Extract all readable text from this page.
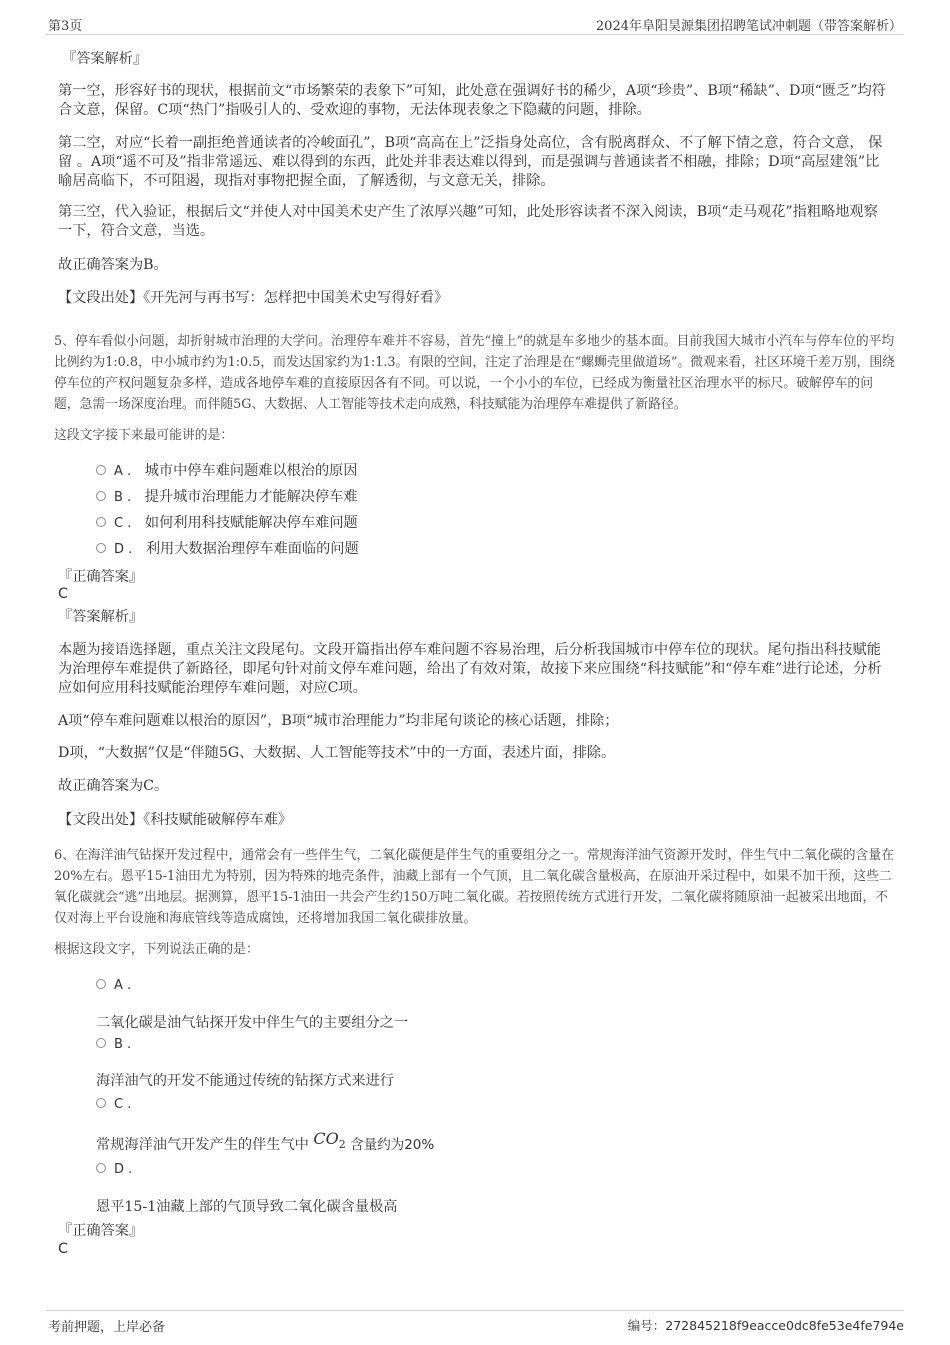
第3页	2024年阜阳昊源集团招聘笔试冲刺题（带答案解析）
『答案解析』
第一空，形容好书的现状，根据前文“市场繁荣的表象下”可知，此处意在强调好书的稀少，A项“珍贵”、B项“稀缺”、D项“匮乏”均符合文意，保留。C项“热门”指吸引人的、受欢迎的事物，无法体现表象之下隐藏的问题，排除。
第二空，对应“长着一副拒绝普通读者的冷峻面孔”，B项“高高在上”泛指身处高位，含有脱离群众、不了解下情之意，符合文意， 保留 。A项“遥不可及”指非常遥远、难以得到的东西，此处并非表达难以得到，而是强调与普通读者不相融，排除；D项“高屋建瓴”比喻居高临下，不可阻遏，现指对事物把握全面，了解透彻，与文意无关，排除。
第三空，代入验证，根据后文“并使人对中国美术史产生了浓厚兴趣”可知，此处形容读者不深入阅读，B项“走马观花”指粗略地观察一下，符合文意，当选。
故正确答案为B。
【文段出处】《开先河与再书写：怎样把中国美术史写得好看》
5、停车看似小问题，却折射城市治理的大学问。治理停车难并不容易，首先“撞上”的就是车多地少的基本面。目前我国大城市小汽车与停车位的平均比例约为1:0.8，中小城市约为1:0.5，而发达国家约为1:1.3。有限的空间，注定了治理是在“螺蛳壳里做道场”。微观来看，社区环境千差万别，围绕停车位的产权问题复杂多样，造成各地停车难的直接原因各有不同。可以说，一个小小的车位，已经成为衡量社区治理水平的标尺。破解停车的问题，急需一场深度治理。而伴随5G、大数据、人工智能等技术走向成熟，科技赋能为治理停车难提供了新路径。
这段文字接下来最可能讲的是：
A . 城市中停车难问题难以根治的原因
B . 提升城市治理能力才能解决停车难
C . 如何利用科技赋能解决停车难问题
D . 利用大数据治理停车难面临的问题
『正确答案』
C
『答案解析』
本题为接语选择题，重点关注文段尾句。文段开篇指出停车难问题不容易治理，后分析我国城市中停车位的现状。尾句指出科技赋能为治理停车难提供了新路径，即尾句针对前文停车难问题，给出了有效对策，故接下来应围绕“科技赋能”和“停车难”进行论述，分析应如何应用科技赋能治理停车难问题，对应C项。
A项“停车难问题难以根治的原因”，B项“城市治理能力”均非尾句谈论的核心话题，排除；
D项，“大数据”仅是“伴随5G、大数据、人工智能等技术”中的一方面，表述片面，排除。
故正确答案为C。
【文段出处】《科技赋能破解停车难》
6、在海洋油气钻探开发过程中，通常会有一些伴生气，二氧化碳便是伴生气的重要组分之一。常规海洋油气资源开发时，伴生气中二氧化碳的含量在20%左右。恩平15-1油田尤为特别，因为特殊的地壳条件，油藏上部有一个气顶，且二氧化碳含量极高，在原油开采过程中，如果不加干预，这些二氧化碳就会“逃”出地层。据测算，恩平15-1油田一共会产生约150万吨二氧化碳。若按照传统方式进行开发，二氧化碳将随原油一起被采出地面，不仅对海上平台设施和海底管线等造成腐蚀，还将增加我国二氧化碳排放量。
根据这段文字，下列说法正确的是：
A .
二氧化碳是油气钻探开发中伴生气的主要组分之一
B .
海洋油气的开发不能通过传统的钻探方式来进行
C .
常规海洋油气开发产生的伴生气中 $CO_2$ 含量约为20%
D .
恩平15-1油藏上部的气顶导致二氧化碳含量极高
『正确答案』
C
考前押题，上岸必备	编号：272845218f9eacce0dc8fe53e4fe794e
